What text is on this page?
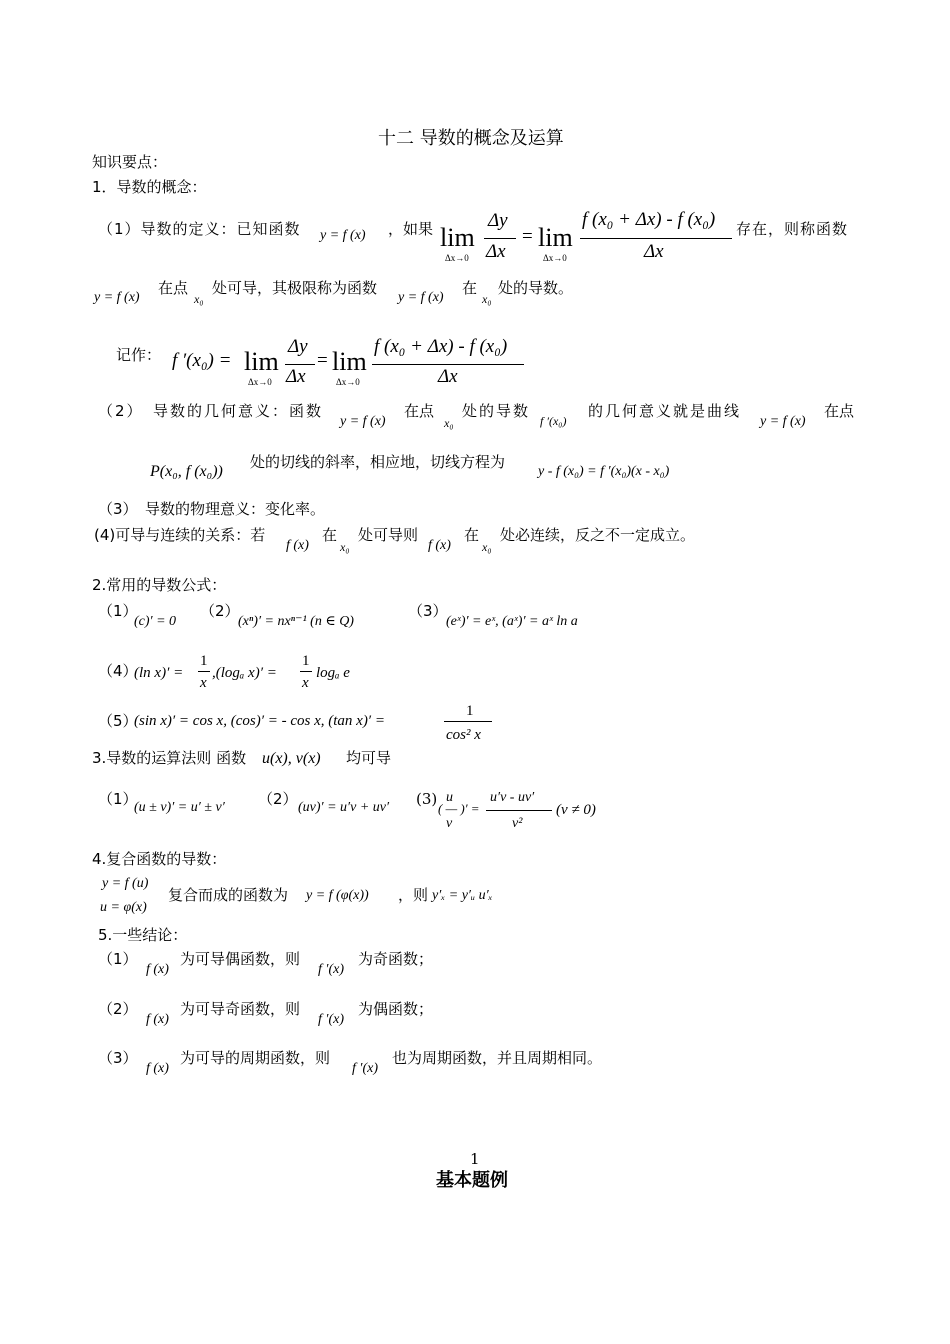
十二 导数的概念及运算
知识要点：
1．导数的概念：
（1）导数的定义：已知函数 y = f (x) ，如果 lim
Δx→0
Δy
Δx
= lim
Δx→0
f (x₀ + Δx) - f (x₀)
Δx
存在，则称函数
y = f (x)
在点
x₀
处可导，其极限称为函数
y = f (x)
在
x₀
处的导数。
记作： f ′(x₀) = lim
Δx→0
Δy
Δx
= lim
Δx→0
f (x₀ + Δx) - f (x₀)
Δx
（2）　导数的几何意义：函数
y = f (x)
在点
x₀
处的导数
f ′(x₀)
的几何意义就是曲线
y = f (x)
在点
P(x₀, f (x₀))
处的切线的斜率，相应地，切线方程为
y - f (x₀) = f ′(x₀)(x - x₀)
（3）　导数的物理意义：变化率。
(4)可导与连续的关系：若
f (x)
在
x₀
处可导则
f (x)
在
x₀
处必连续，反之不一定成立。
2.常用的导数公式：
（1）
(c)′ = 0
（2）
(xⁿ)′ = nxⁿ⁻¹ (n ∈ Q)
（3）
(eˣ)′ = eˣ, (aˣ)′ = aˣ ln a
（4）
(ln x)′ =
1
x
,(logₐ x)′ =
1
x
logₐ e
（5）
(sin x)′ = cos x, (cos)′ = - cos x, (tan x)′ =
1
cos² x
3.导数的运算法则 函数 u(x), v(x) 均可导
（1）
(u ± v)′ = u′ ± v′ （2） (uv)′ = u′v + uv′ (3) u
( — )′ =
v
u′v - uv′
v²
(v ≠ 0)
4.复合函数的导数：
y = f (u)
u = φ(x)
复合而成的函数为 y = f (φ(x)) ，则 y′ₓ = y′ᵤ u′ₓ
5.一些结论：
（1）
f (x)
为可导偶函数，则
f ′(x)
为奇函数；
（2）
f (x)
为可导奇函数，则
f ′(x)
为偶函数；
（3）
f (x)
为可导的周期函数，则
f ′(x)
也为周期函数，并且周期相同。
1
基本题例
